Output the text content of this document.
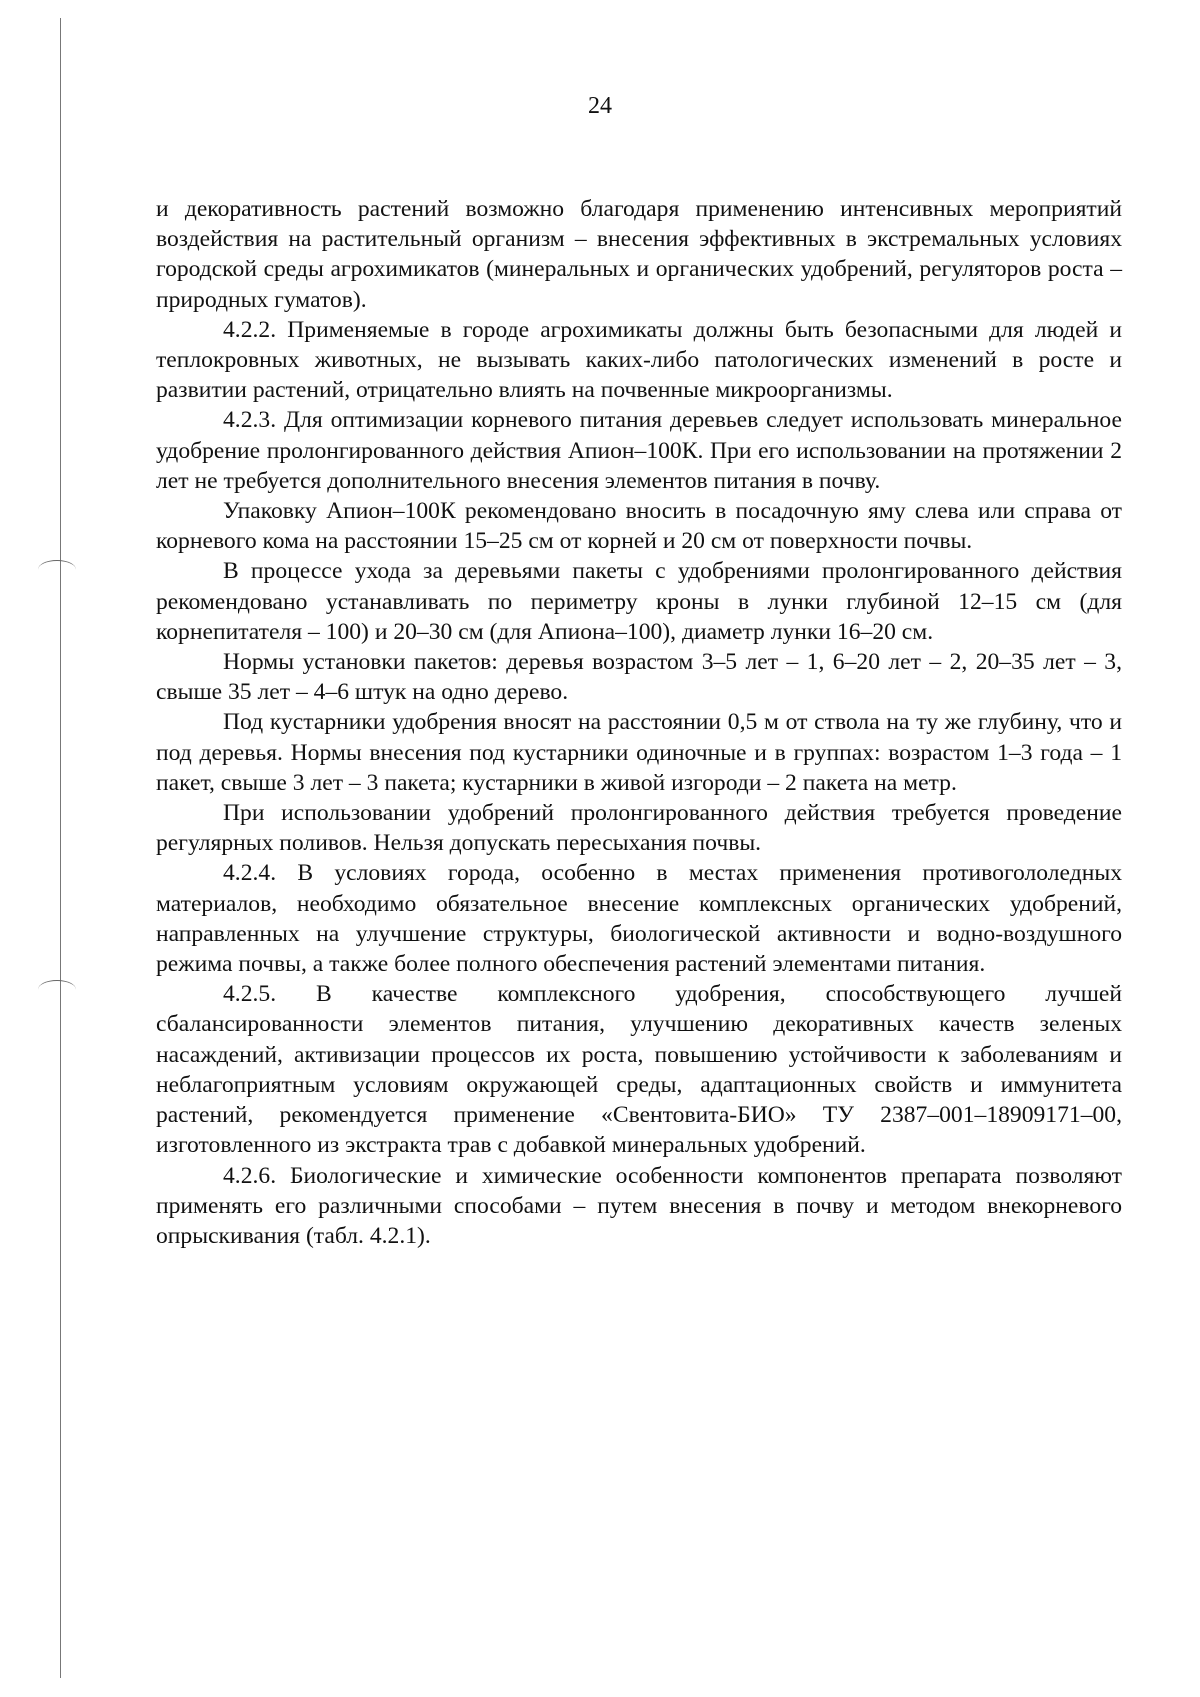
24

и декоративность растений возможно благодаря применению интенсивных мероприятий воздействия на растительный организм – внесения эффективных в экстремальных условиях городской среды агрохимикатов (минеральных и органических удобрений, регуляторов роста – природных гуматов).

4.2.2. Применяемые в городе агрохимикаты должны быть безопасными для людей и теплокровных животных, не вызывать каких-либо патологических изменений в росте и развитии растений, отрицательно влиять на почвенные микроорганизмы.

4.2.3. Для оптимизации корневого питания деревьев следует использовать минеральное удобрение пролонгированного действия Апион–100К. При его использовании на протяжении 2 лет не требуется дополнительного внесения элементов питания в почву.

Упаковку Апион–100К рекомендовано вносить в посадочную яму слева или справа от корневого кома на расстоянии 15–25 см от корней и 20 см от поверхности почвы.

В процессе ухода за деревьями пакеты с удобрениями пролонгированного действия рекомендовано устанавливать по периметру кроны в лунки глубиной 12–15 см (для корнепитателя – 100) и 20–30 см (для Апиона–100), диаметр лунки 16–20 см.

Нормы установки пакетов: деревья возрастом 3–5 лет – 1, 6–20 лет – 2, 20–35 лет – 3, свыше 35 лет – 4–6 штук на одно дерево.

Под кустарники удобрения вносят на расстоянии 0,5 м от ствола на ту же глубину, что и под деревья. Нормы внесения под кустарники одиночные и в группах: возрастом 1–3 года – 1 пакет, свыше 3 лет – 3 пакета; кустарники в живой изгороди – 2 пакета на метр.

При использовании удобрений пролонгированного действия требуется проведение регулярных поливов. Нельзя допускать пересыхания почвы.

4.2.4. В условиях города, особенно в местах применения противогололедных материалов, необходимо обязательное внесение комплексных органических удобрений, направленных на улучшение структуры, биологической активности и водно-воздушного режима почвы, а также более полного обеспечения растений элементами питания.

4.2.5. В качестве комплексного удобрения, способствующего лучшей сбалансированности элементов питания, улучшению декоративных качеств зеленых насаждений, активизации процессов их роста, повышению устойчивости к заболеваниям и неблагоприятным условиям окружающей среды, адаптационных свойств и иммунитета растений, рекомендуется применение «Свентовита-БИО» ТУ 2387–001–18909171–00, изготовленного из экстракта трав с добавкой минеральных удобрений.

4.2.6. Биологические и химические особенности компонентов препарата позволяют применять его различными способами – путем внесения в почву и методом внекорневого опрыскивания (табл. 4.2.1).
